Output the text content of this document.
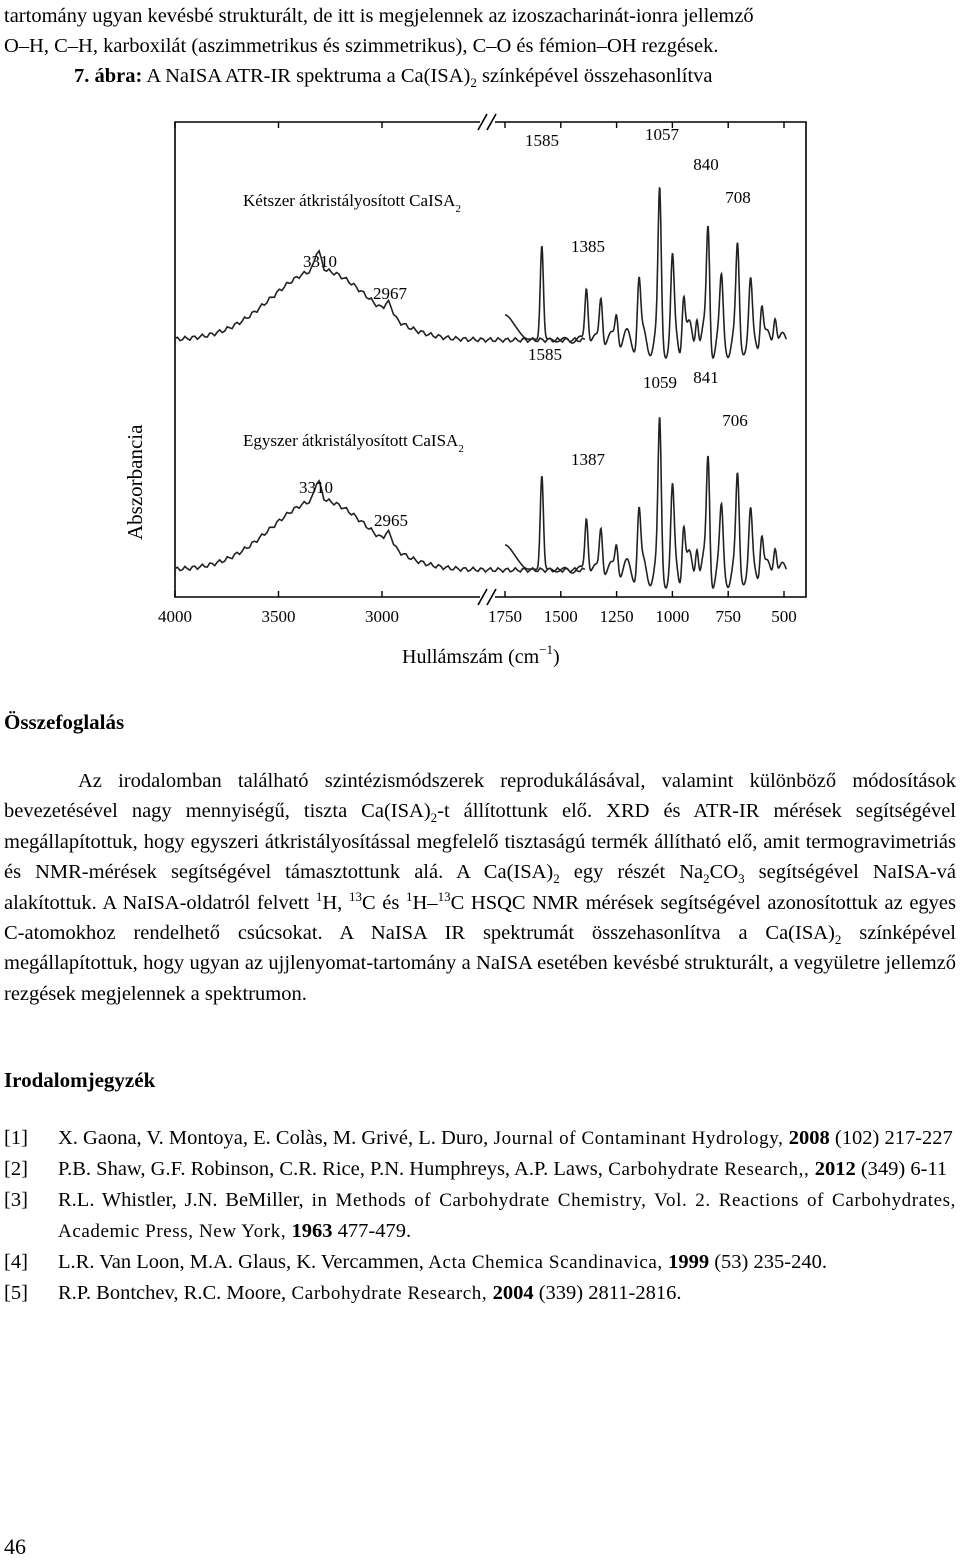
tartomány ugyan kevésbé strukturált, de itt is megjelennek az izoszacharinát-ionra jellemző
O–H, C–H, karboxilát (aszimmetrikus és szimmetrikus), C–O és fémion–OH rezgések.
7. ábra: A NaISA ATR-IR spektruma a $Ca(ISA)_2$ színképével összehasonlítva
4000	3500	3000	1750 1500 1250 1000 750 500
3310
2967
1585
1385
1057
840
708
3310
2965
1585
1387
1059 841
706
Kétszer átkristályosított CaISA$_2$
Egyszer átkristályosított CaISA$_2$
Abszorbancia
Hullámszám $(cm^{-1})$
Összefoglalás
Az irodalomban található szintézismódszerek reprodukálásával, valamint különböző módosítások bevezetésével nagy mennyiségű, tiszta $Ca(ISA)_2-t$ állítottunk elő. XRD és ATR-IR mérések segítségével megállapítottuk, hogy egyszeri átkristályosítással megfelelő tisztaságú termék állítható elő, amit termogravimetriás és NMR-mérések segítségével támasztottunk alá. A $Ca(ISA)_2$ egy részét $Na_2CO_3$ segítségével NaISA-vá alakítottuk. A NaISA-oldatról felvett $^1$H, $^{13}$C és $^1$H–$^{13}$C HSQC NMR mérések segítségével azonosítottuk az egyes C-atomokhoz rendelhető csúcsokat. A NaISA IR spektrumát összehasonlítva a $Ca(ISA)_2$ színképével megállapítottuk, hogy ugyan az ujjlenyomat-tartomány a NaISA esetében kevésbé strukturált, a vegyületre jellemző rezgések megjelennek a spektrumon.
Irodalomjegyzék
[1] X. Gaona, V. Montoya, E. Colàs, M. Grivé, L. Duro, Journal of Contaminant Hydrology, 2008 (102) 217-227
[2] P.B. Shaw, G.F. Robinson, C.R. Rice, P.N. Humphreys, A.P. Laws, Carbohydrate Research,, 2012 (349) 6-11
[3] R.L. Whistler, J.N. BeMiller, in Methods of Carbohydrate Chemistry, Vol. 2. Reactions of Carbohydrates, Academic Press, New York, 1963 477-479.
[4] L.R. Van Loon, M.A. Glaus, K. Vercammen, Acta Chemica Scandinavica, 1999 (53) 235-240.
[5] R.P. Bontchev, R.C. Moore, Carbohydrate Research, 2004 (339) 2811-2816.
46
